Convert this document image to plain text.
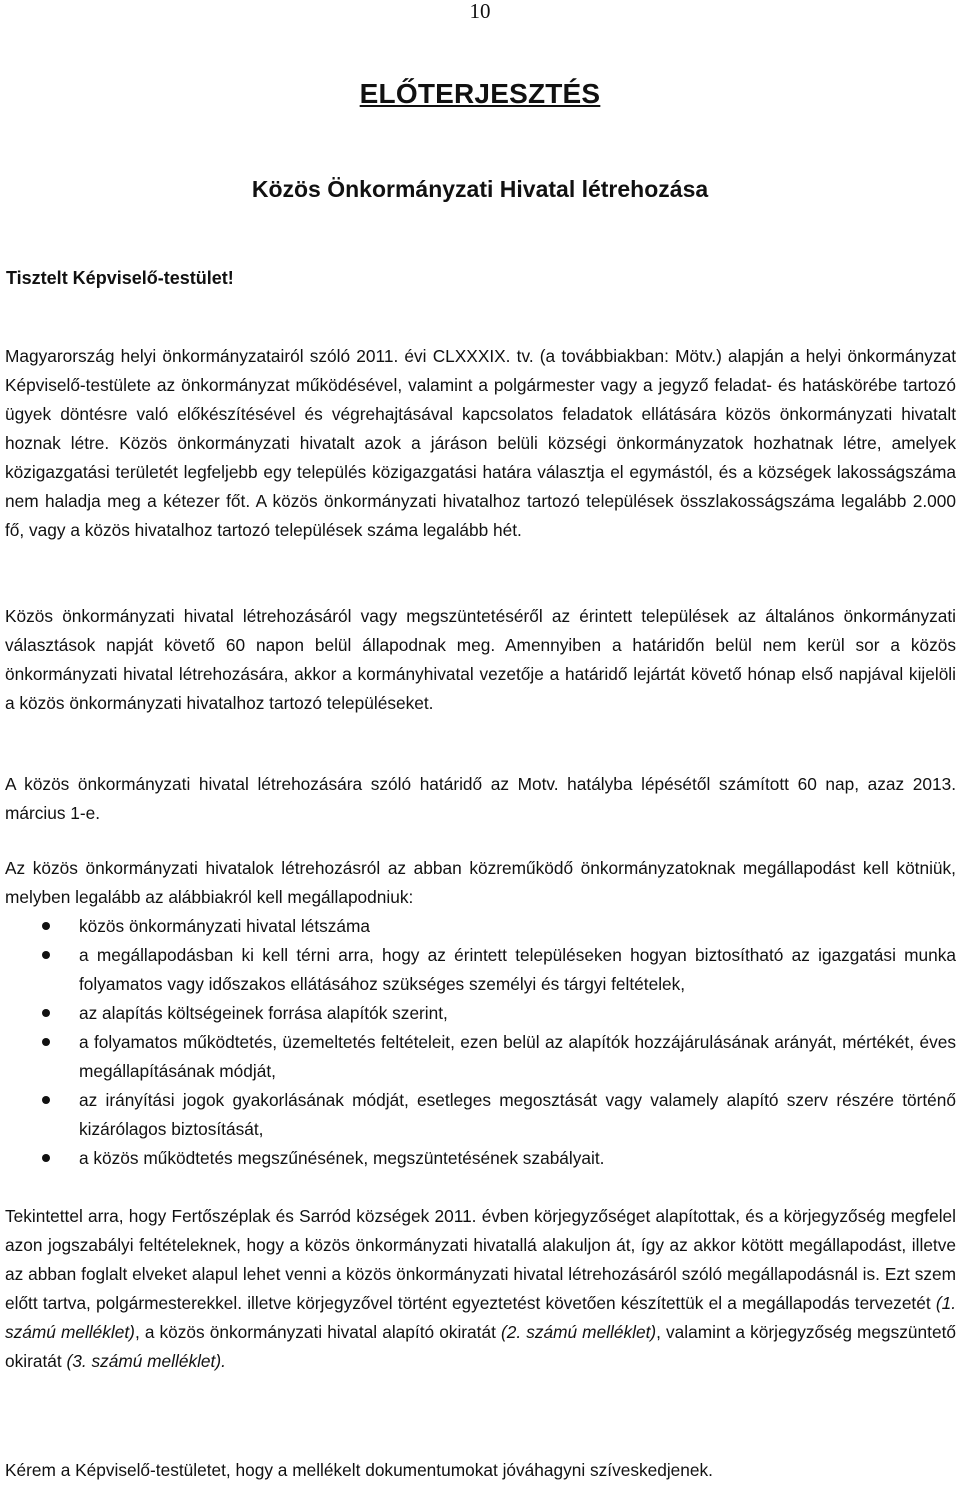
10
ELŐTERJESZTÉS
Közös Önkormányzati Hivatal létrehozása
Tisztelt Képviselő-testület!

Magyarország helyi önkormányzatairól szóló 2011. évi CLXXXIX. tv. (a továbbiakban: Mötv.) alapján a helyi önkormányzat Képviselő-testülete az önkormányzat működésével, valamint a polgármester vagy a jegyző feladat- és hatáskörébe tartozó ügyek döntésre való előkészítésével és végrehajtásával kapcsolatos feladatok ellátására közös önkormányzati hivatalt hoznak létre. Közös önkormányzati hivatalt azok a járáson belüli községi önkormányzatok hozhatnak létre, amelyek közigazgatási területét legfeljebb egy település közigazgatási határa választja el egymástól, és a községek lakosságszáma nem haladja meg a kétezer főt. A közös önkormányzati hivatalhoz tartozó települések összlakosságszáma legalább 2.000 fő, vagy a közös hivatalhoz tartozó települések száma legalább hét.

Közös önkormányzati hivatal létrehozásáról vagy megszüntetéséről az érintett települések az általános önkormányzati választások napját követő 60 napon belül állapodnak meg. Amennyiben a határidőn belül nem kerül sor a közös önkormányzati hivatal létrehozására, akkor a kormányhivatal vezetője a határidő lejártát követő hónap első napjával kijelöli a közös önkormányzati hivatalhoz tartozó településeket.

A közös önkormányzati hivatal létrehozására szóló határidő az Motv. hatályba lépésétől számított 60 nap, azaz 2013. március 1-e.

Az közös önkormányzati hivatalok létrehozásról az abban közreműködő önkormányzatoknak megállapodást kell kötniük, melyben legalább az alábbiakról kell megállapodniuk:

közös önkormányzati hivatal létszáma
a megállapodásban ki kell térni arra, hogy az érintett településeken hogyan biztosítható az igazgatási munka folyamatos vagy időszakos ellátásához szükséges személyi és tárgyi feltételek,
az alapítás költségeinek forrása alapítók szerint,
a folyamatos működtetés, üzemeltetés feltételeit, ezen belül az alapítók hozzájárulásának arányát, mértékét, éves megállapításának módját,
az irányítási jogok gyakorlásának módját, esetleges megosztását vagy valamely alapító szerv részére történő kizárólagos biztosítását,
a közös működtetés megszűnésének, megszüntetésének szabályait.

Tekintettel arra, hogy Fertőszéplak és Sarród községek 2011. évben körjegyzőséget alapítottak, és a körjegyzőség megfelel azon jogszabályi feltételeknek, hogy a közös önkormányzati hivatallá alakuljon át, így az akkor kötött megállapodást, illetve az abban foglalt elveket alapul lehet venni a közös önkormányzati hivatal létrehozásáról szóló megállapodásnál is. Ezt szem előtt tartva, polgármesterekkel. illetve körjegyzővel történt egyeztetést követően készítettük el a megállapodás tervezetét (1. számú melléklet), a közös önkormányzati hivatal alapító okiratát (2. számú melléklet), valamint a körjegyzőség megszüntető okiratát (3. számú melléklet).

Kérem a Képviselő-testületet, hogy a mellékelt dokumentumokat jóváhagyni szíveskedjenek.
